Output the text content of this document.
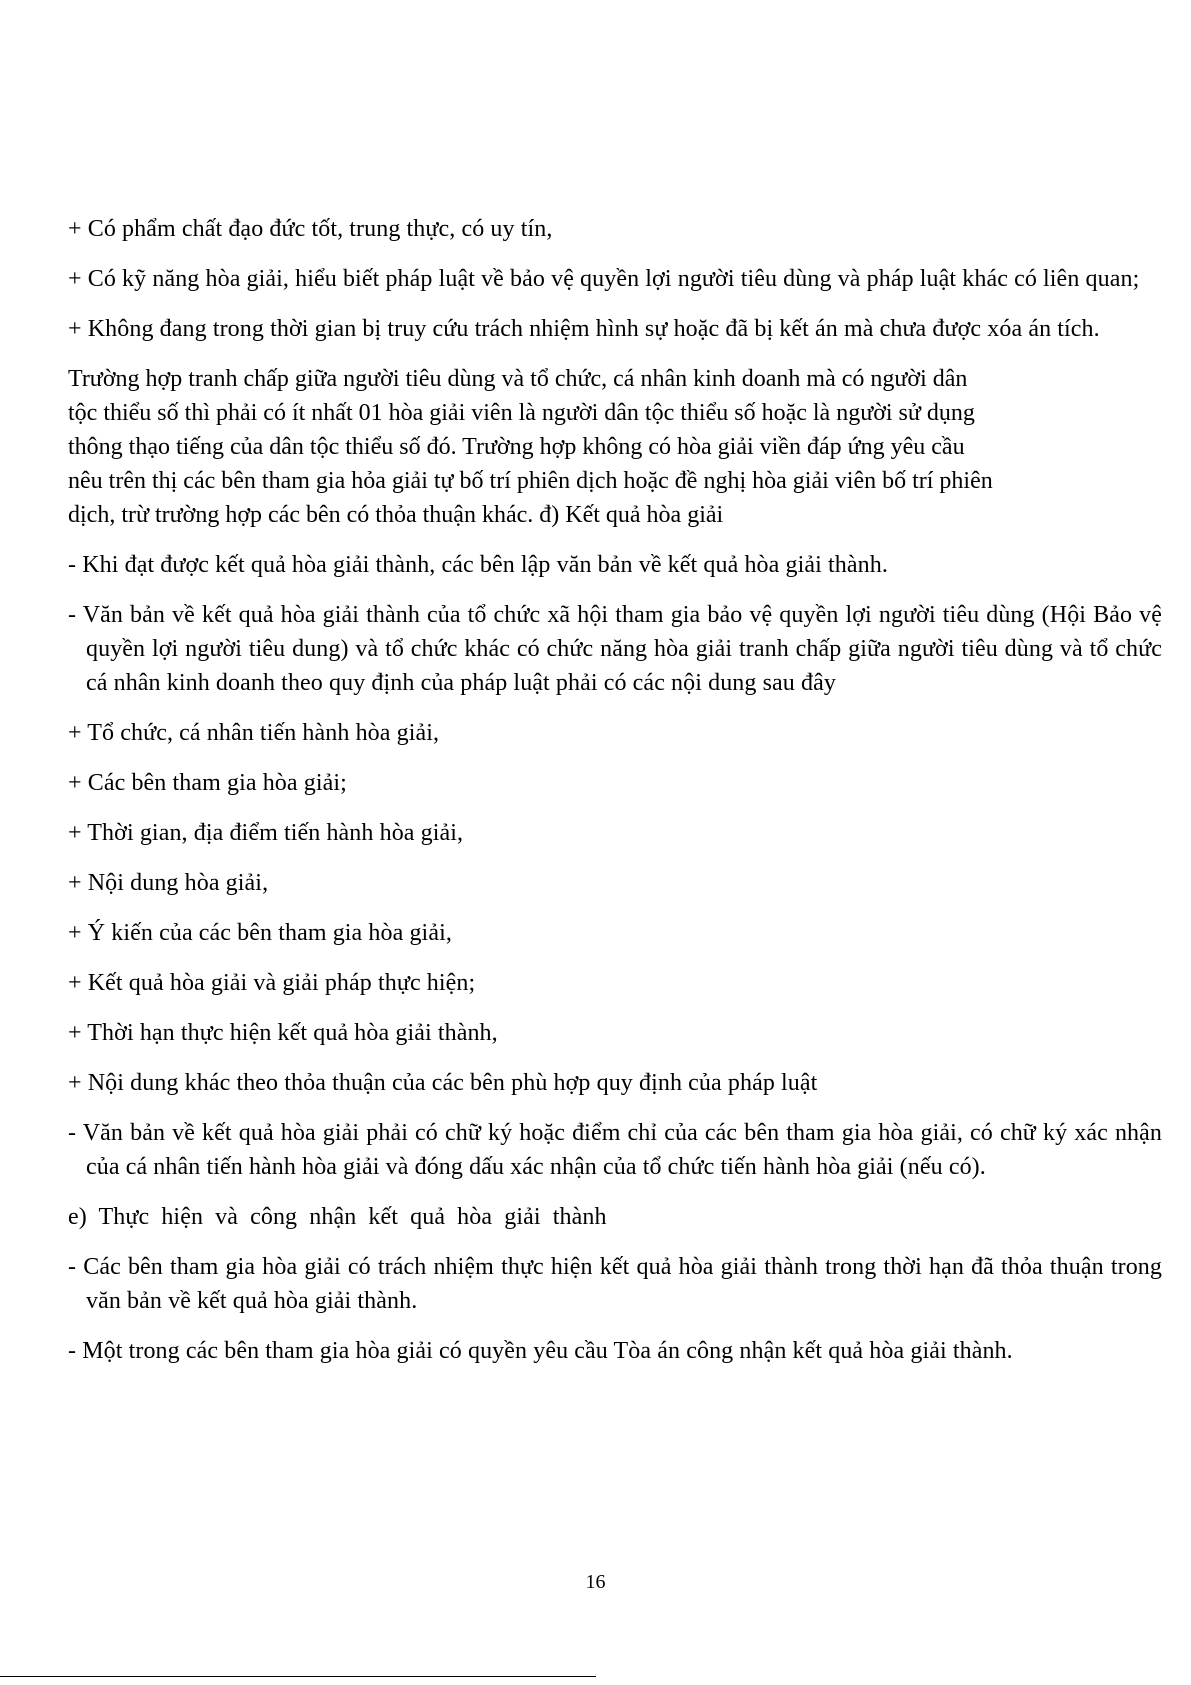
+ Có phẩm chất đạo đức tốt, trung thực, có uy tín,

+ Có kỹ năng hòa giải, hiểu biết pháp luật về bảo vệ quyền lợi người tiêu dùng và pháp luật khác có liên quan;

+ Không đang trong thời gian bị truy cứu trách nhiệm hình sự hoặc đã bị kết án mà chưa được xóa án tích.

Trường hợp tranh chấp giữa người tiêu dùng và tổ chức, cá nhân kinh doanh mà có người dân
tộc thiểu số thì phải có ít nhất 01 hòa giải viên là người dân tộc thiểu số hoặc là người sử dụng
thông thạo tiếng của dân tộc thiểu số đó. Trường hợp không có hòa giải viền đáp ứng yêu cầu
nêu trên thị các bên tham gia hỏa giải tự bố trí phiên dịch hoặc đề nghị hòa giải viên bố trí phiên
dịch, trừ trường hợp các bên có thỏa thuận khác. đ) Kết quả hòa giải

- Khi đạt được kết quả hòa giải thành, các bên lập văn bản về kết quả hòa giải thành.

- Văn bản về kết quả hòa giải thành của tổ chức xã hội tham gia bảo vệ quyền lợi người tiêu dùng (Hội Bảo vệ quyền lợi người tiêu dung) và tổ chức khác có chức năng hòa giải tranh chấp giữa người tiêu dùng và tổ chức cá nhân kinh doanh theo quy định của pháp luật phải có các nội dung sau đây

+ Tổ chức, cá nhân tiến hành hòa giải,

+ Các bên tham gia hòa giải;

+ Thời gian, địa điểm tiến hành hòa giải,

+ Nội dung hòa giải,

+ Ý kiến của các bên tham gia hòa giải,

+ Kết quả hòa giải và giải pháp thực hiện;

+ Thời hạn thực hiện kết quả hòa giải thành,

+ Nội dung khác theo thỏa thuận của các bên phù hợp quy định của pháp luật

- Văn bản về kết quả hòa giải phải có chữ ký hoặc điểm chỉ của các bên tham gia hòa giải, có chữ ký xác nhận của cá nhân tiến hành hòa giải và đóng dấu xác nhận của tổ chức tiến hành hòa giải (nếu có).

e) Thực hiện và công nhận kết quả hòa giải thành

- Các bên tham gia hòa giải có trách nhiệm thực hiện kết quả hòa giải thành trong thời hạn đã thỏa thuận trong văn bản về kết quả hòa giải thành.

- Một trong các bên tham gia hòa giải có quyền yêu cầu Tòa án công nhận kết quả hòa giải thành.

16
